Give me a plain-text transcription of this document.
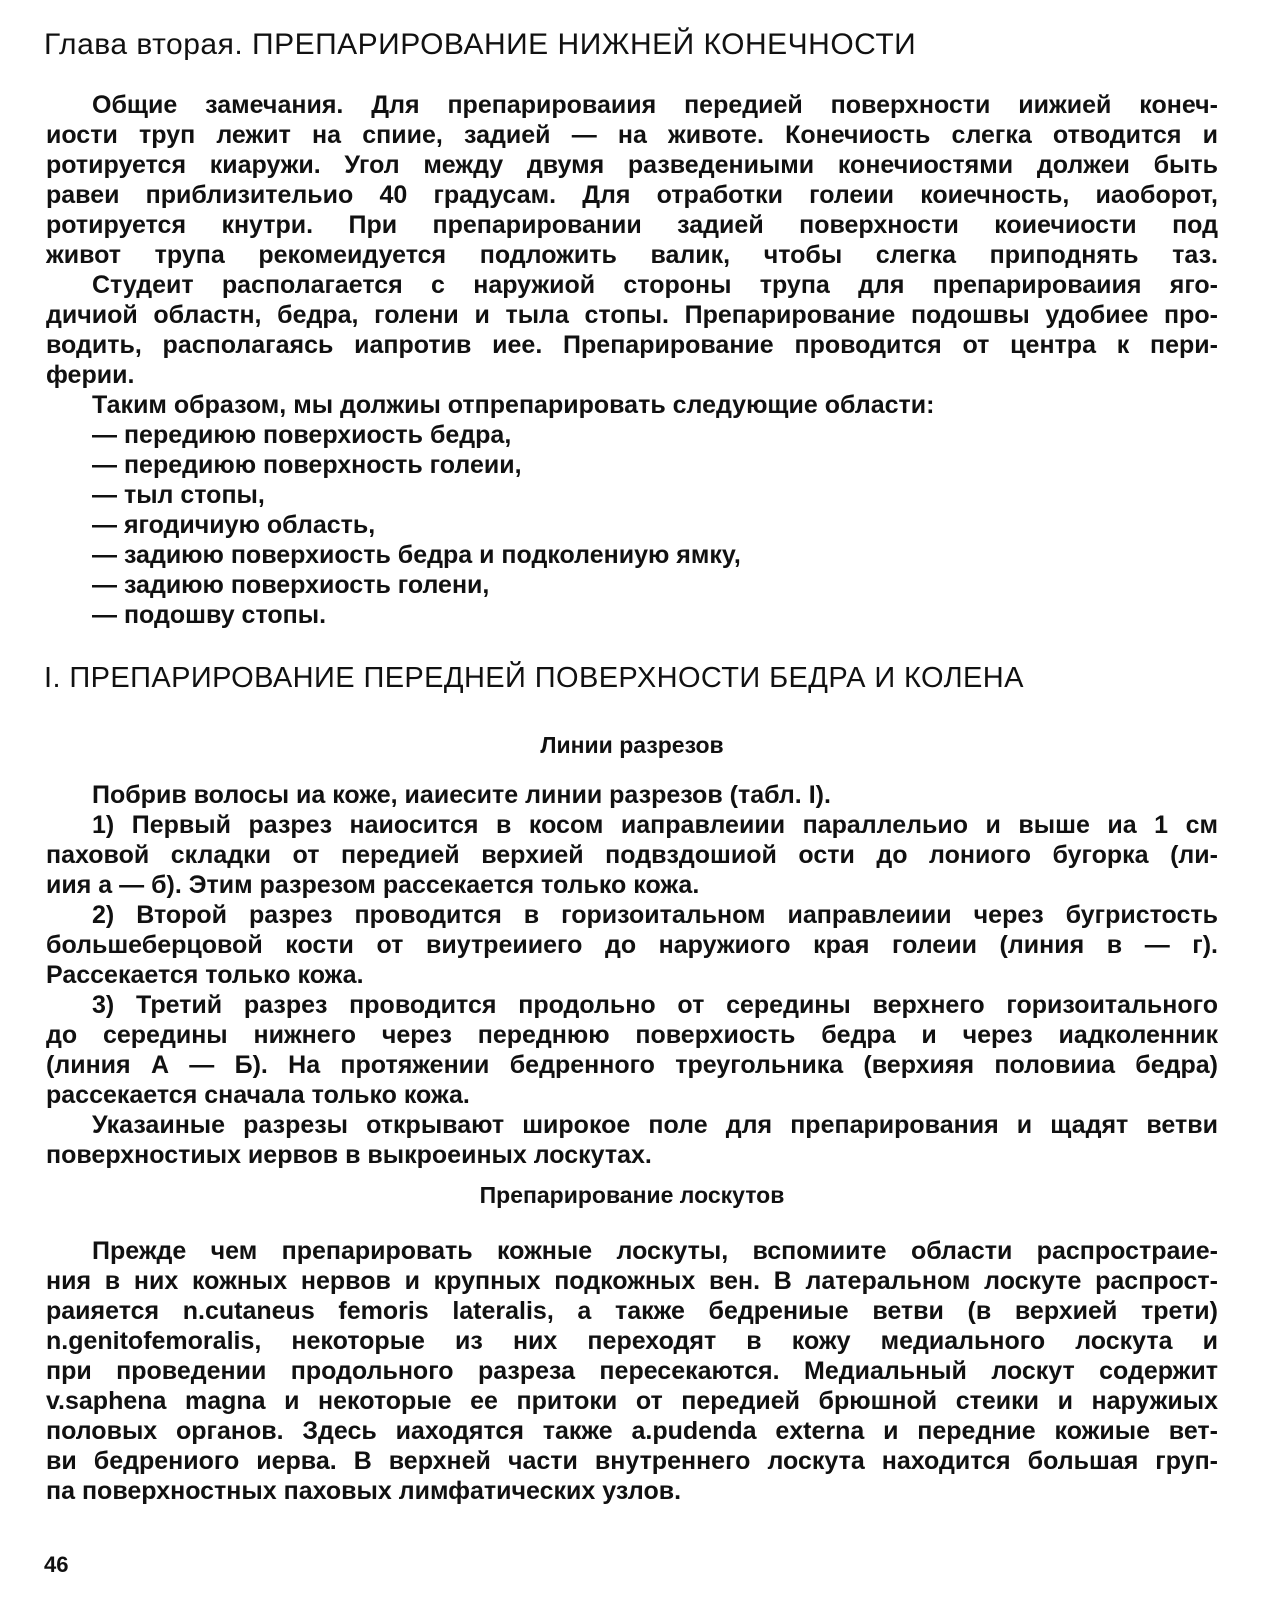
Глава вторая. ПРЕПАРИРОВАНИЕ НИЖНЕЙ КОНЕЧНОСТИ
Общие замечания. Для препарироваиия передией поверхности иижией конеч-
иости труп лежит на спиие, задией — на животе. Конечиость слегка отводится и
ротируется киаружи. Угол между двумя разведениыми конечиостями должеи быть
равеи приблизительио 40 градусам. Для отработки голеии коиечность, иаоборот,
ротируется кнутри. При препарировании задией поверхности коиечиости под
живот трупа рекомеидуется подложить валик, чтобы слегка приподнять таз.
Студеит располагается с наружиой стороны трупа для препарироваиия яго-
дичиой областн, бедра, голени и тыла стопы. Препарирование подошвы удобиее про-
водить, располагаясь иапротив иее. Препарирование проводится от центра к пери-
ферии.
Таким образом, мы должиы отпрепарировать следующие области:
— передиюю поверхиость бедра,
— передиюю поверхность голеии,
— тыл стопы,
— ягодичиую область,
— задиюю поверхиость бедра и подколениую ямку,
— задиюю поверхиость голени,
— подошву стопы.
I. ПРЕПАРИРОВАНИЕ ПЕРЕДНЕЙ ПОВЕРХНОСТИ БЕДРА И КОЛЕНА
Линии разрезов
Побрив волосы иа коже, иаиесите линии разрезов (табл. I).
1) Первый разрез наиосится в косом иаправлеиии параллельио и выше иа 1 см
паховой складки от передией верхией подвздошиой ости до лониого бугорка (ли-
иия а — б). Этим разрезом рассекается только кожа.
2) Второй разрез проводится в горизоитальном иаправлеиии через бугристость
большеберцовой кости от виутреииего до наружиого края голеии (линия в — г).
Рассекается только кожа.
3) Третий разрез проводится продольно от середины верхнего горизоитального
до середины нижнего через переднюю поверхиость бедра и через иадколенник
(линия А — Б). На протяжении бедренного треугольника (верхияя половииа бедра)
рассекается сначала только кожа.
Указаиные разрезы открывают широкое поле для препарирования и щадят ветви
поверхностиых иервов в выкроеиных лоскутах.
Препарирование лоскутов
Прежде чем препарировать кожные лоскуты, вспомиите области распростраие-
ния в них кожных нервов и крупных подкожных вен. В латеральном лоскуте распрост-
раияется n.cutaneus femoris lateralis, а также бедрениые ветви (в верхией трети)
n.genitofemoralis, некоторые из них переходят в кожу медиального лоскута и
при проведении продольного разреза пересекаются. Медиальный лоскут содержит
v.saphena magna и некоторые ее притоки от передией брюшной стеики и наружиых
половых органов. Здесь иаходятся также a.pudenda externa и передние кожиые вет-
ви бедрениого иерва. В верхней части внутреннего лоскута находится большая груп-
па поверхностных паховых лимфатических узлов.
46
